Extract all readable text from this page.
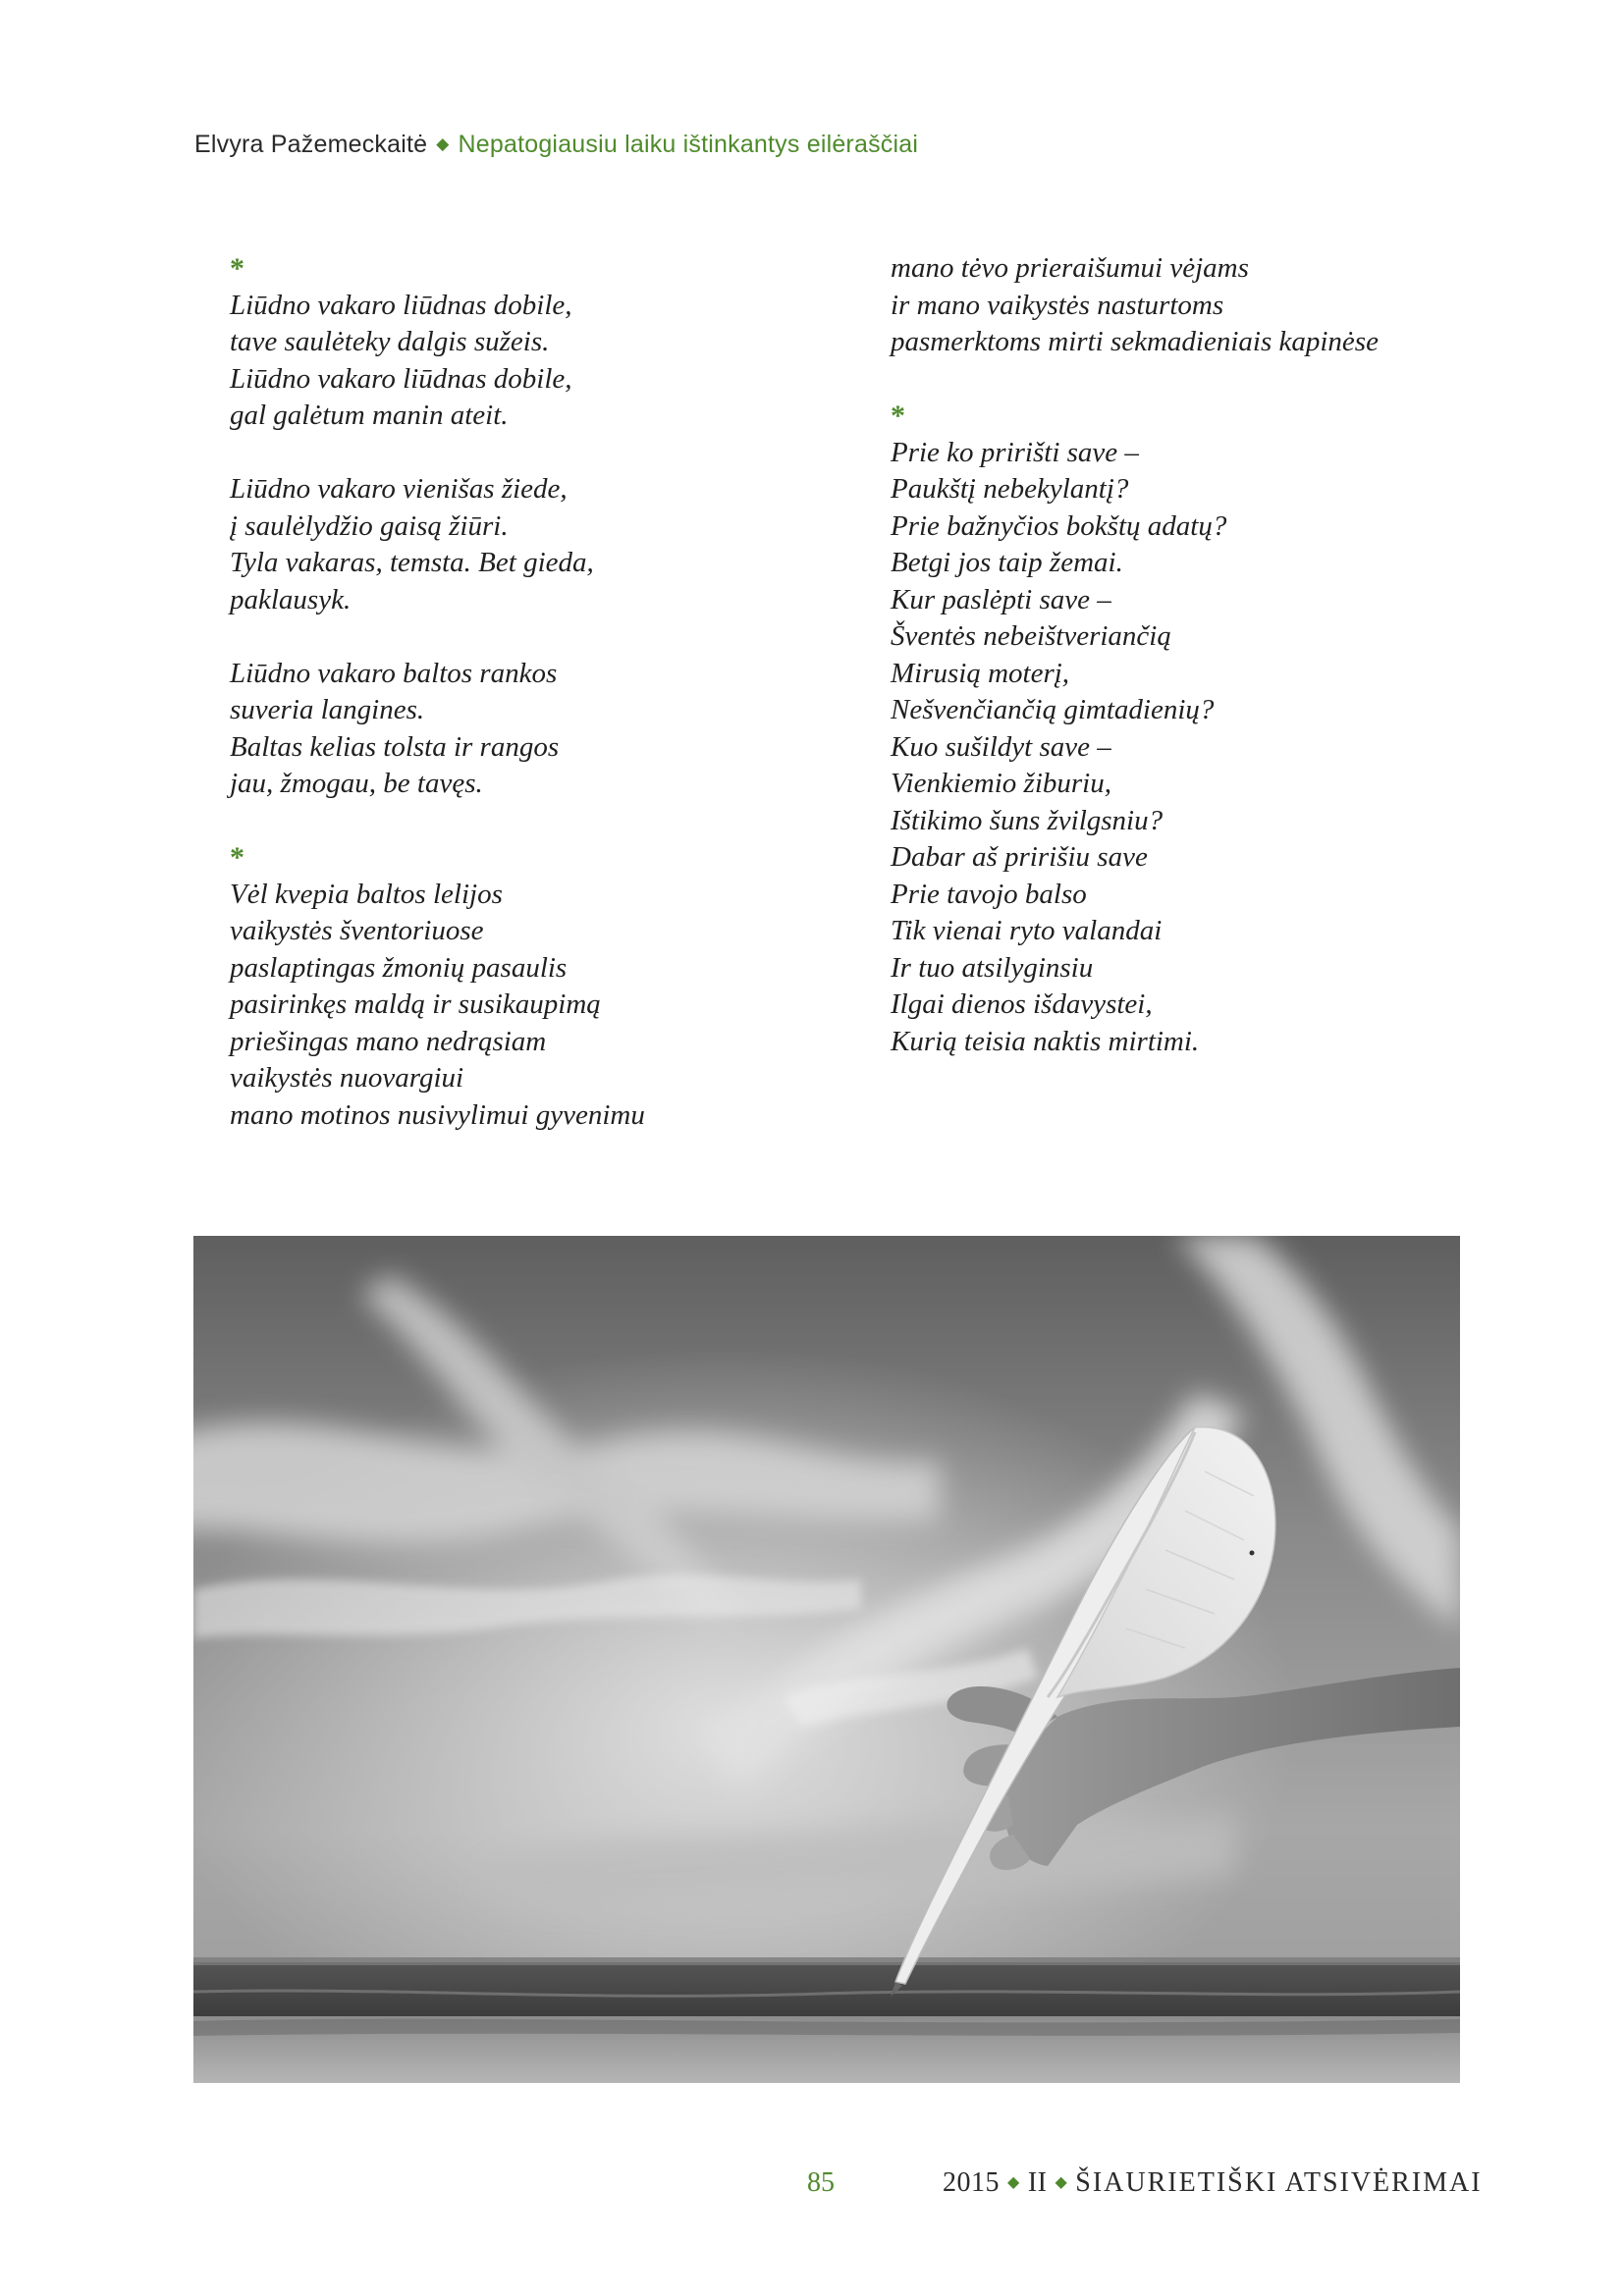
Elvyra Pažemeckaitė ◆ Nepatogiausiu laiku ištinkantys eilėraščiai
*
Liūdno vakaro liūdnas dobile,
tave saulėteky dalgis sužeis.
Liūdno vakaro liūdnas dobile,
gal galėtum manin ateit.
Liūdno vakaro vienišas žiede,
į saulėlydžio gaisą žiūri.
Tyla vakaras, temsta. Bet gieda,
paklausyk.
Liūdno vakaro baltos rankos
suveria langines.
Baltas kelias tolsta ir rangos
jau, žmogau, be tavęs.
*
Vėl kvepia baltos lelijos
vaikystės šventoriuose
paslaptingas žmonių pasaulis
pasirinkęs maldą ir susikaupimą
priešingas mano nedrąsiam
vaikystės nuovargiui
mano motinos nusivylimui gyvenimu
mano tėvo prieraišumui vėjams
ir mano vaikystės nasturtoms
pasmerktoms mirti sekmadieniais kapinėse
*
Prie ko pririšti save –
Paukštį nebekylantį?
Prie bažnyčios bokštų adatų?
Betgi jos taip žemai.
Kur paslėpti save –
Šventės nebeištveriančią
Mirusią moterį,
Nešvenčiančią gimtadienių?
Kuo sušildyt save –
Vienkiemio žiburiu,
Ištikimo šuns žvilgsniu?
Dabar aš pririšiu save
Prie tavojo balso
Tik vienai ryto valandai
Ir tuo atsilyginsiu
Ilgai dienos išdavystei,
Kurią teisia naktis mirtimi.
85	2015 ◆ II ◆ ŠIAURIETIŠKI ATSIVĖRIMAI
